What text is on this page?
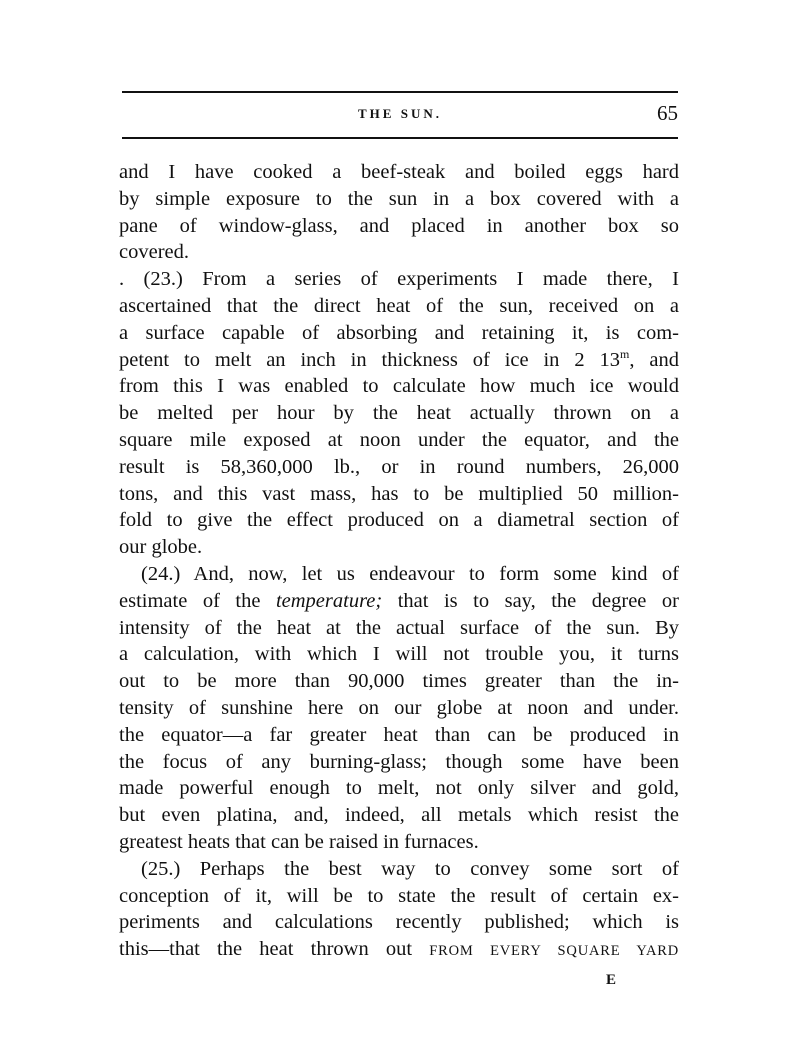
THE SUN.	65
and I have cooked a beef-steak and boiled eggs hard
by simple exposure to the sun in a box covered with a
pane of window-glass, and placed in another box so
covered.
. (23.) From a series of experiments I made there, I
ascertained that the direct heat of the sun, received on a
a surface capable of absorbing and retaining it, is com-
petent to melt an inch in thickness of ice in 2 13$^m$, and
from this I was enabled to calculate how much ice would
be melted per hour by the heat actually thrown on a
square mile exposed at noon under the equator, and the
result is 58,360,000 lb., or in round numbers, 26,000
tons, and this vast mass, has to be multiplied 50 million-
fold to give the effect produced on a diametral section of
our globe.
(24.) And, now, let us endeavour to form some kind of
estimate of the temperature; that is to say, the degree or
intensity of the heat at the actual surface of the sun. By
a calculation, with which I will not trouble you, it turns
out to be more than 90,000 times greater than the in-
tensity of sunshine here on our globe at noon and under.
the equator—a far greater heat than can be produced in
the focus of any burning-glass; though some have been
made powerful enough to melt, not only silver and gold,
but even platina, and, indeed, all metals which resist the
greatest heats that can be raised in furnaces.
(25.) Perhaps the best way to convey some sort of
conception of it, will be to state the result of certain ex-
periments and calculations recently published; which is
this—that the heat thrown out FROM EVERY SQUARE YARD
E
